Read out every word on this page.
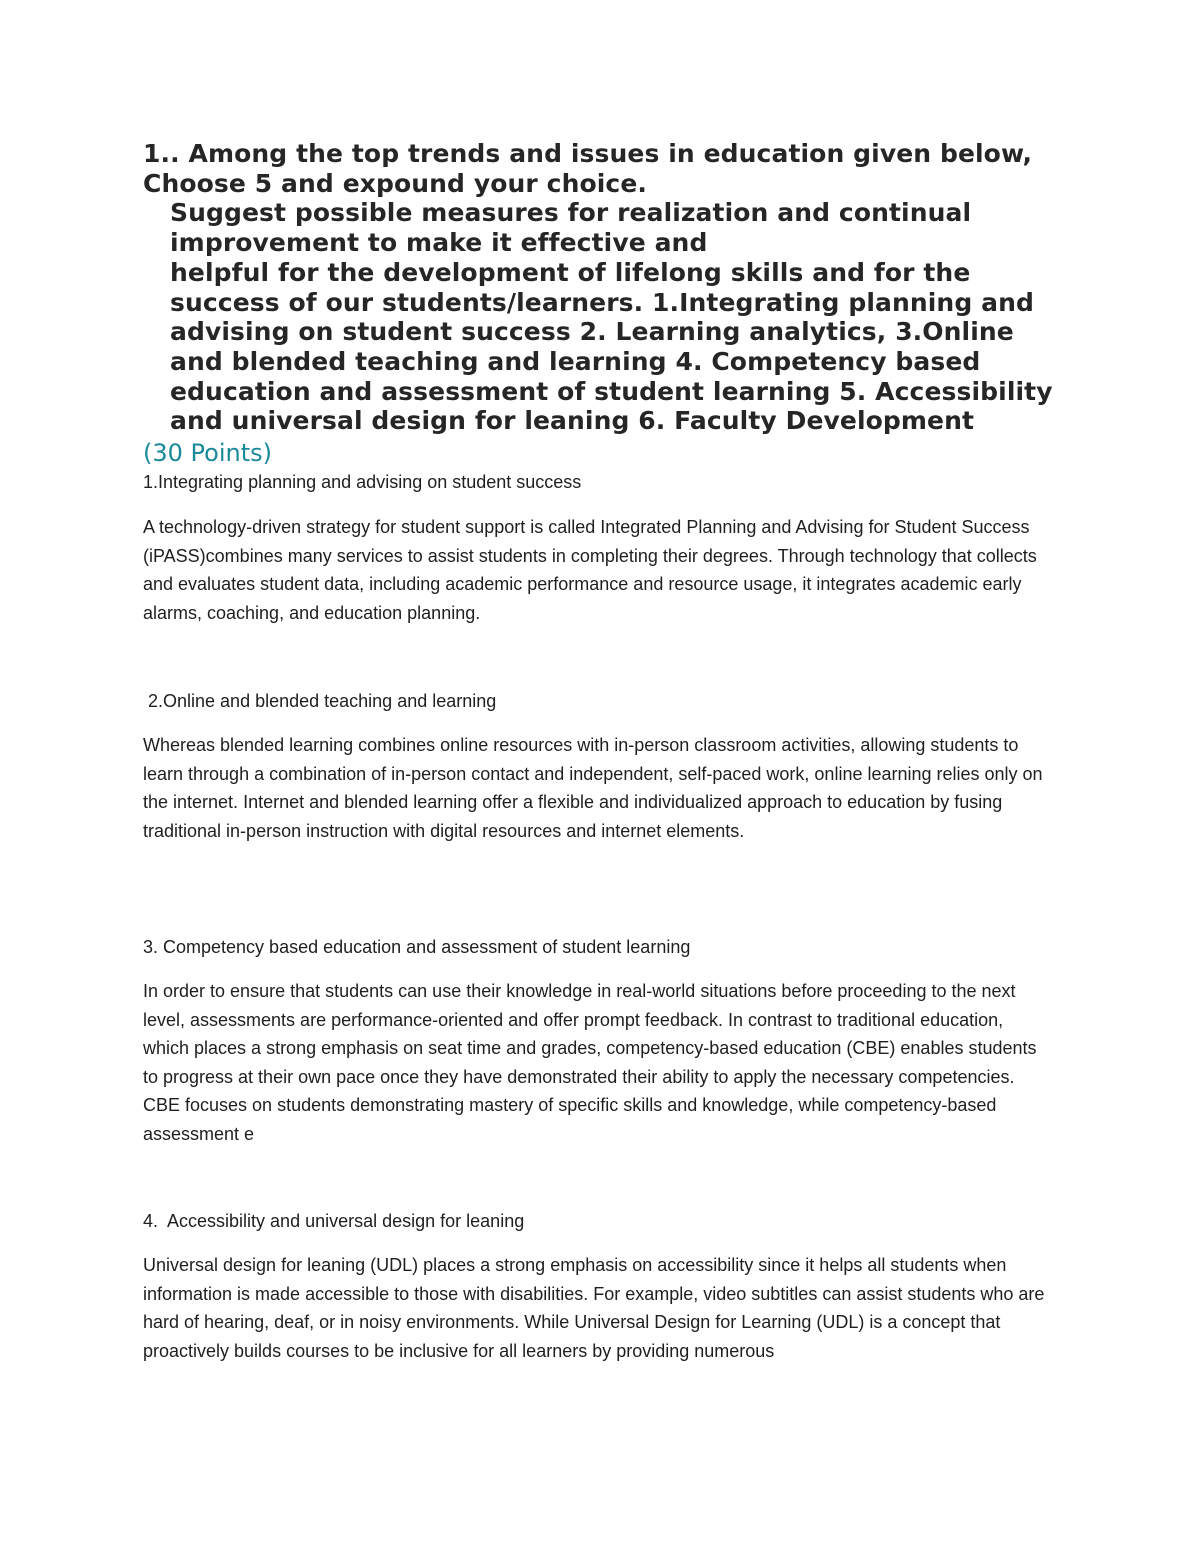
1.. Among the top trends and issues in education given below, Choose 5 and expound your choice.
Suggest possible measures for realization and continual improvement to make it effective and
helpful for the development of lifelong skills and for the success of our students/learners. 1.Integrating planning and advising on student success 2. Learning analytics, 3.Online and blended teaching and learning 4. Competency based education and assessment of student learning 5. Accessibility and universal design for leaning 6. Faculty Development
(30 Points)
1.Integrating planning and advising on student success
A technology-driven strategy for student support is called Integrated Planning and Advising for Student Success (iPASS)combines many services to assist students in completing their degrees. Through technology that collects and evaluates student data, including academic performance and resource usage, it integrates academic early alarms, coaching, and education planning.
2.Online and blended teaching and learning
Whereas blended learning combines online resources with in-person classroom activities, allowing students to learn through a combination of in-person contact and independent, self-paced work, online learning relies only on the internet. Internet and blended learning offer a flexible and individualized approach to education by fusing traditional in-person instruction with digital resources and internet elements.
3. Competency based education and assessment of student learning
In order to ensure that students can use their knowledge in real-world situations before proceeding to the next level, assessments are performance-oriented and offer prompt feedback. In contrast to traditional education, which places a strong emphasis on seat time and grades, competency-based education (CBE) enables students to progress at their own pace once they have demonstrated their ability to apply the necessary competencies. CBE focuses on students demonstrating mastery of specific skills and knowledge, while competency-based assessment e
4.  Accessibility and universal design for leaning
Universal design for leaning (UDL) places a strong emphasis on accessibility since it helps all students when information is made accessible to those with disabilities. For example, video subtitles can assist students who are hard of hearing, deaf, or in noisy environments. While Universal Design for Learning (UDL) is a concept that proactively builds courses to be inclusive for all learners by providing numerous
